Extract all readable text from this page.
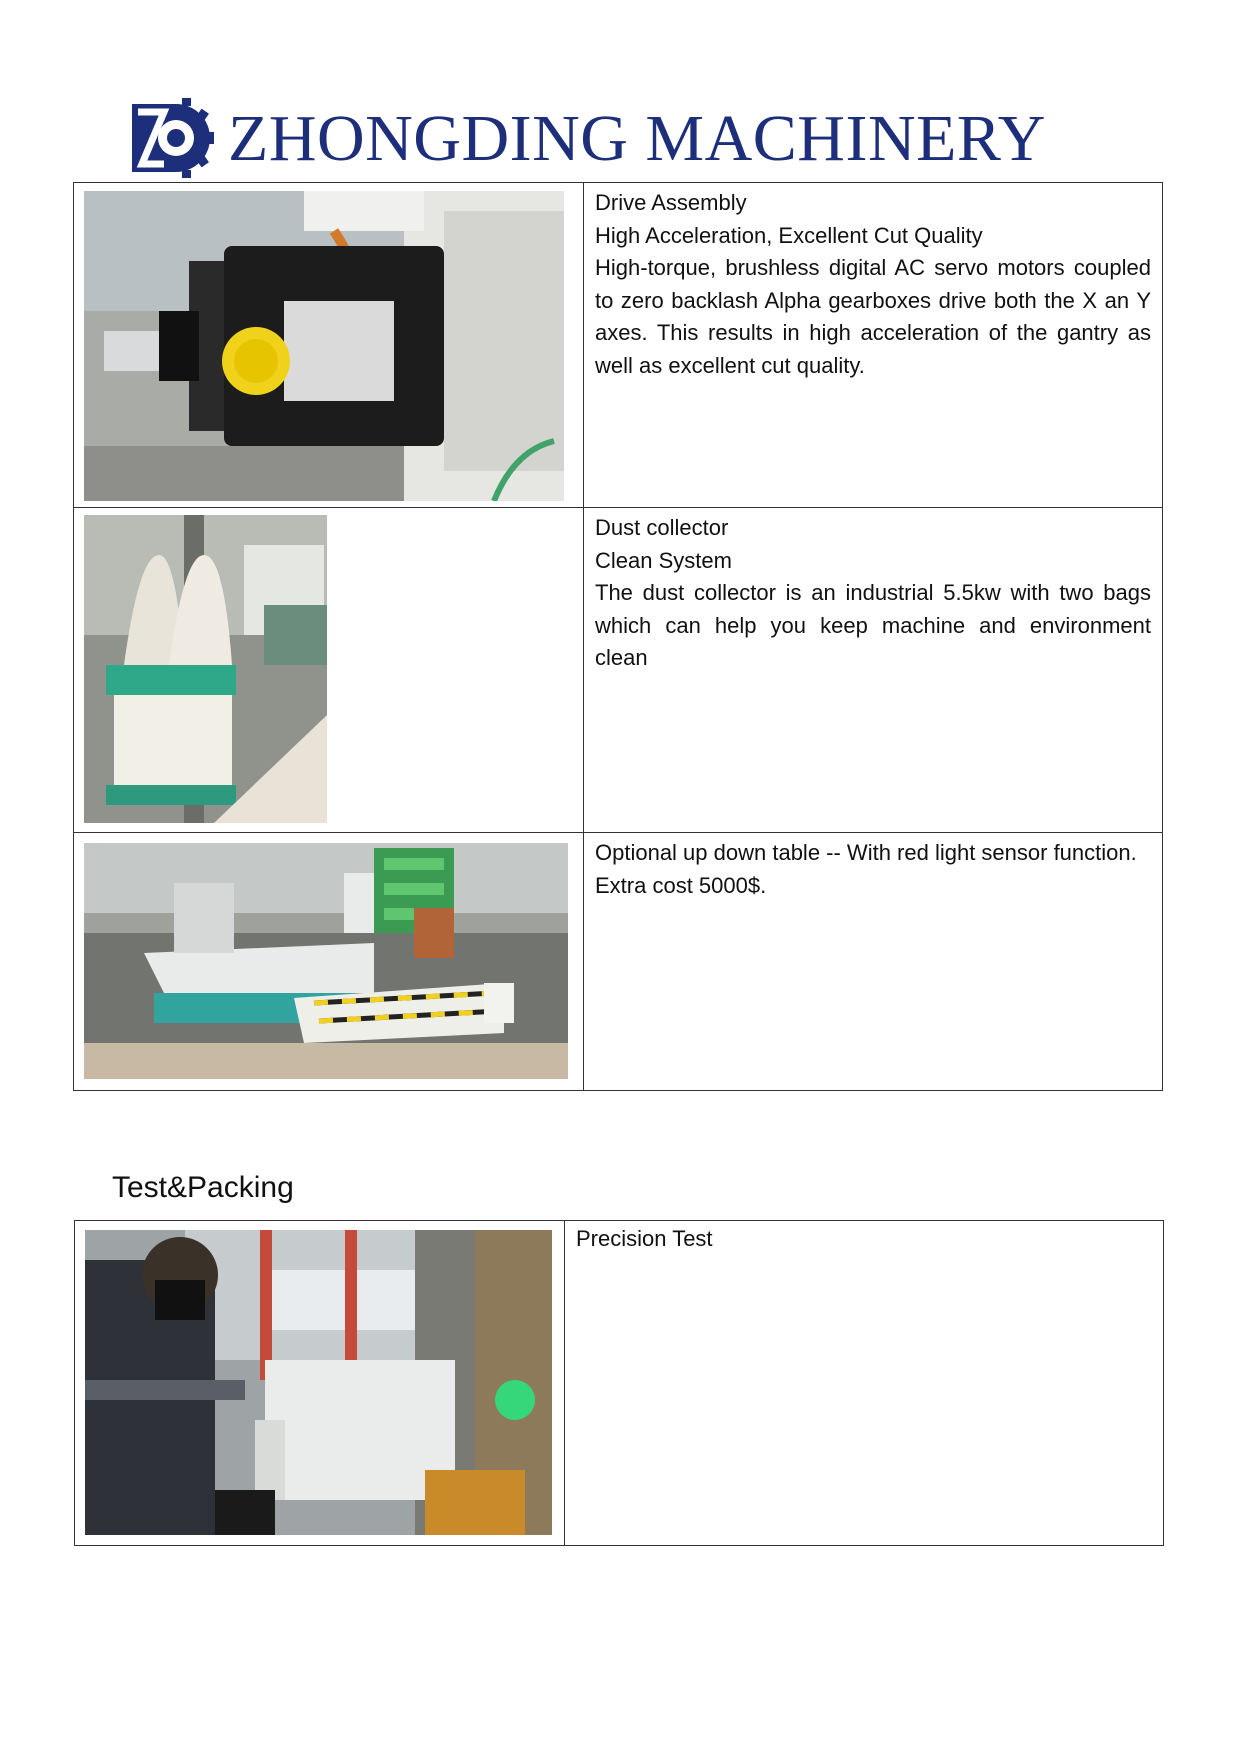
ZHONGDING MACHINERY

Drive Assembly

High Acceleration, Excellent Cut Quality

High-torque, brushless digital AC servo motors coupled to zero backlash Alpha gearboxes drive both the X an Y axes. This results in high acceleration of the gantry as well as excellent cut quality.

Dust collector

Clean System

The dust collector is an industrial 5.5kw with two bags which can help you keep machine and environment clean

Optional up down table -- With red light sensor function.

Extra cost 5000$.

Test&Packing

Precision Test
